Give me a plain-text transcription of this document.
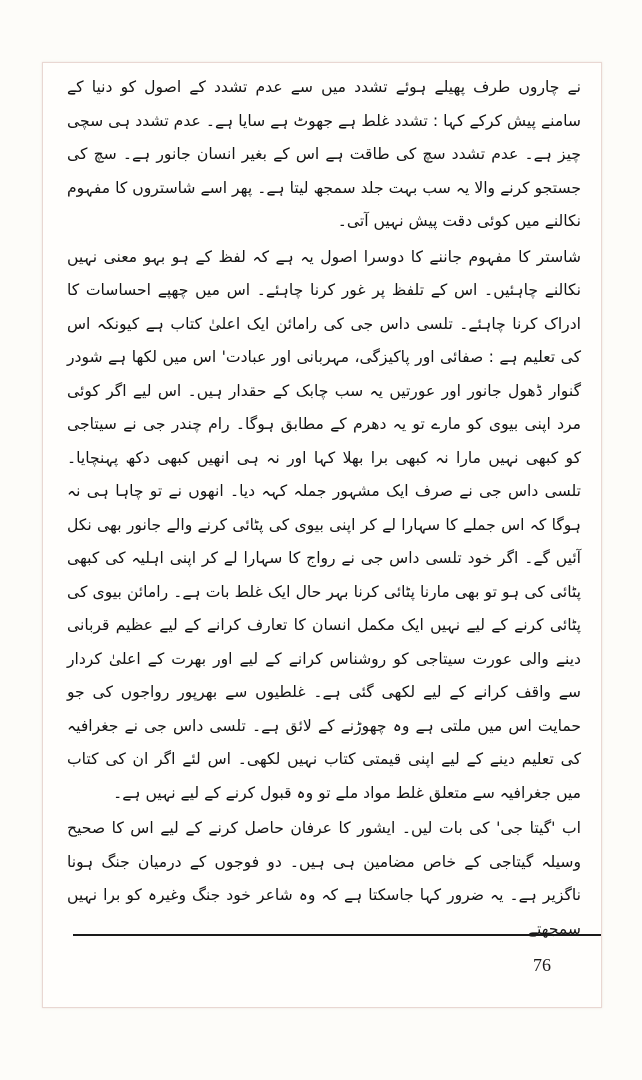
نے چاروں طرف پھیلے ہوئے تشدد میں سے عدم تشدد کے اصول کو دنیا کے سامنے پیش کرکے کہا : تشدد غلط ہے جھوٹ ہے سایا ہے۔ عدم تشدد ہی سچی چیز ہے۔ عدم تشدد سچ کی طاقت ہے اس کے بغیر انسان جانور ہے۔ سچ کی جستجو کرنے والا یہ سب بہت جلد سمجھ لیتا ہے۔ پھر اسے شاستروں کا مفہوم نکالنے میں کوئی دقت پیش نہیں آتی۔

شاستر کا مفہوم جاننے کا دوسرا اصول یہ ہے کہ لفظ کے ہو بہو معنی نہیں نکالنے چاہئیں۔ اس کے تلفظ پر غور کرنا چاہئے۔ اس میں چھپے احساسات کا ادراک کرنا چاہئے۔ تلسی داس جی کی رامائن ایک اعلیٰ کتاب ہے کیونکہ اس کی تعلیم ہے : صفائی اور پاکیزگی، مہربانی اور عبادت' اس میں لکھا ہے شودر گنوار ڈھول جانور اور عورتیں یہ سب چابک کے حقدار ہیں۔ اس لیے اگر کوئی مرد اپنی بیوی کو مارے تو یہ دھرم کے مطابق ہوگا۔ رام چندر جی نے سیتاجی کو کبھی نہیں مارا نہ کبھی برا بھلا کہا اور نہ ہی انھیں کبھی دکھ پہنچایا۔ تلسی داس جی نے صرف ایک مشہور جملہ کہہ دیا۔ انھوں نے تو چاہا ہی نہ ہوگا کہ اس جملے کا سہارا لے کر اپنی بیوی کی پٹائی کرنے والے جانور بھی نکل آئیں گے۔ اگر خود تلسی داس جی نے رواج کا سہارا لے کر اپنی اہلیہ کی کبھی پٹائی کی ہو تو بھی مارنا پٹائی کرنا بہر حال ایک غلط بات ہے۔ رامائن بیوی کی پٹائی کرنے کے لیے نہیں ایک مکمل انسان کا تعارف کرانے کے لیے عظیم قربانی دینے والی عورت سیتاجی کو روشناس کرانے کے لیے اور بھرت کے اعلیٰ کردار سے واقف کرانے کے لیے لکھی گئی ہے۔ غلطیوں سے بھرپور رواجوں کی جو حمایت اس میں ملتی ہے وہ چھوڑنے کے لائق ہے۔ تلسی داس جی نے جغرافیہ کی تعلیم دینے کے لیے اپنی قیمتی کتاب نہیں لکھی۔ اس لئے اگر ان کی کتاب میں جغرافیہ سے متعلق غلط مواد ملے تو وہ قبول کرنے کے لیے نہیں ہے۔

اب 'گیتا جی' کی بات لیں۔ ایشور کا عرفان حاصل کرنے کے لیے اس کا صحیح وسیلہ گیتاجی کے خاص مضامین ہی ہیں۔ دو فوجوں کے درمیان جنگ ہونا ناگزیر ہے۔ یہ ضرور کہا جاسکتا ہے کہ وہ شاعر خود جنگ وغیرہ کو برا نہیں سمجھتے

76
